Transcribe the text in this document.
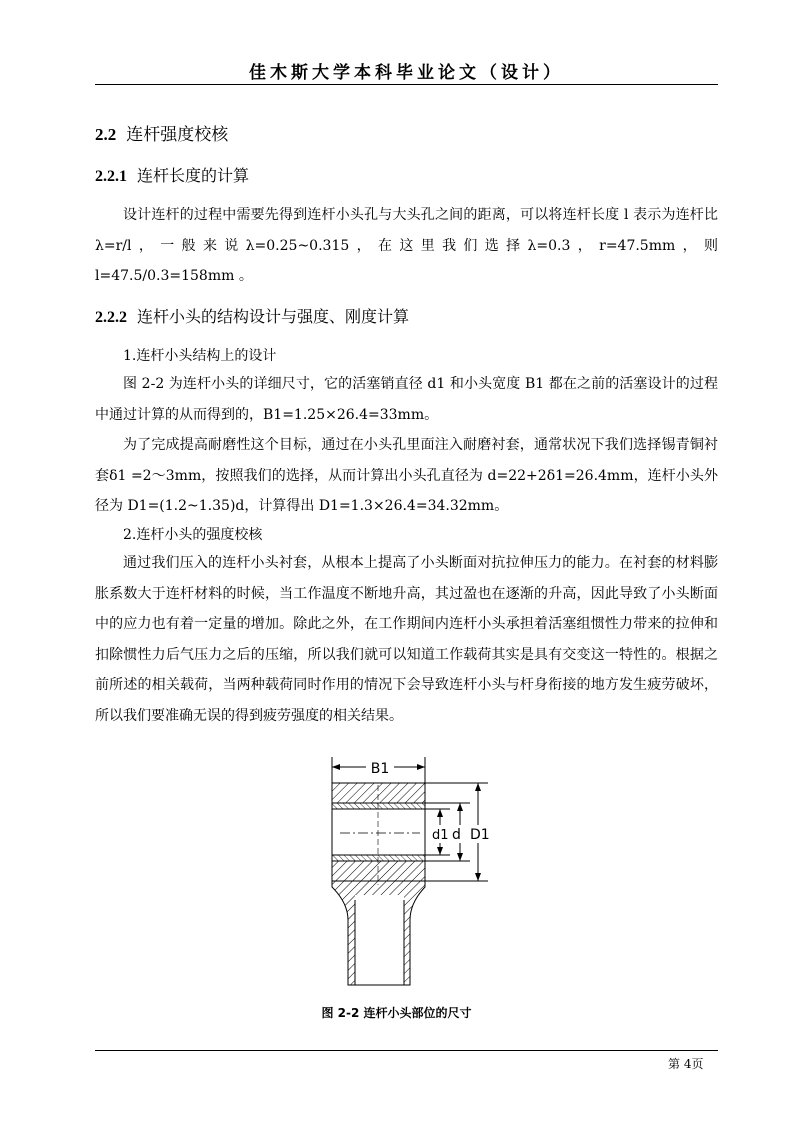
佳木斯大学本科毕业论文（设计）
2.2 连杆强度校核
2.2.1 连杆长度的计算
设计连杆的过程中需要先得到连杆小头孔与大头孔之间的距离，可以将连杆长度 l 表示为连杆比λ=r/l，一般来说λ=0.25~0.315，在这里我们选择λ=0.3，r=47.5mm，则 l=47.5/0.3=158mm 。
2.2.2 连杆小头的结构设计与强度、刚度计算
1.连杆小头结构上的设计
图 2-2 为连杆小头的详细尺寸，它的活塞销直径 d1 和小头宽度 B1 都在之前的活塞设计的过程中通过计算的从而得到的，B1=1.25×26.4=33mm。
为了完成提高耐磨性这个目标，通过在小头孔里面注入耐磨衬套，通常状况下我们选择锡青铜衬套δ1 =2～3mm，按照我们的选择，从而计算出小头孔直径为 d=22+2δ1=26.4mm，连杆小头外径为 D1=(1.2~1.35)d，计算得出 D1=1.3×26.4=34.32mm。
2.连杆小头的强度校核
通过我们压入的连杆小头衬套，从根本上提高了小头断面对抗拉伸压力的能力。在衬套的材料膨胀系数大于连杆材料的时候，当工作温度不断地升高，其过盈也在逐渐的升高，因此导致了小头断面中的应力也有着一定量的增加。除此之外，在工作期间内连杆小头承担着活塞组惯性力带来的拉伸和扣除惯性力后气压力之后的压缩，所以我们就可以知道工作载荷其实是具有交变这一特性的。根据之前所述的相关载荷，当两种载荷同时作用的情况下会导致连杆小头与杆身衔接的地方发生疲劳破坏，所以我们要准确无误的得到疲劳强度的相关结果。
B1
d1 d D1
图 2-2 连杆小头部位的尺寸
第 4页
